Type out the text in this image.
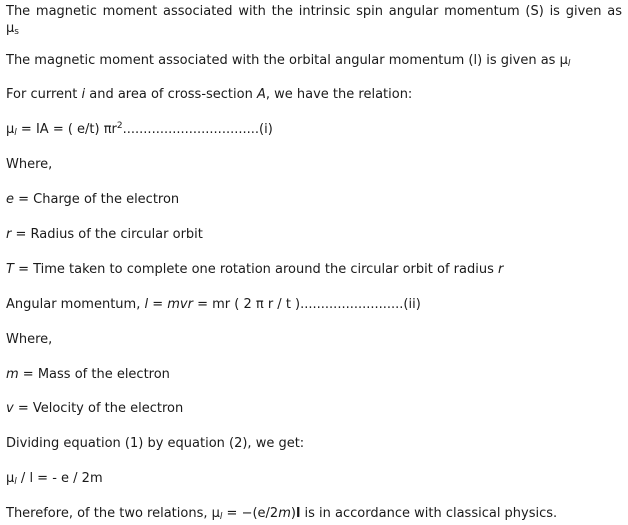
The magnetic moment associated with the intrinsic spin angular momentum (S) is given as $\mu_s$
The magnetic moment associated with the orbital angular momentum (l) is given as $\mu_l$
For current i and area of cross-section A, we have the relation:
$\mu_l$ = IA = ( e/t) $\pi r^2.................................(i)$
Where,
e = Charge of the electron
r = Radius of the circular orbit
T = Time taken to complete one rotation around the circular orbit of radius r
Angular momentum, l = mvr = mr ( 2 π r / t ).........................(ii)
Where,
m = Mass of the electron
v = Velocity of the electron
Dividing equation (1) by equation (2), we get:
$\mu_l$ / l = - e / 2m
Therefore, of the two relations, $\mu_l = -(e/2m)l$ is in accordance with classical physics.
